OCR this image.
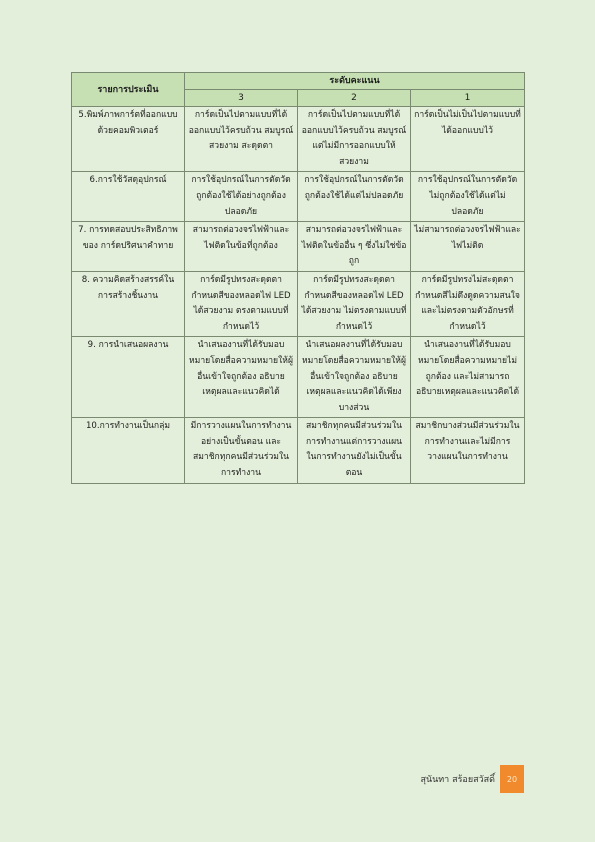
รายการประเมิน	ระดับคะแนน		
	3	2	1
5.พิมพ์ภาพการ์ตที่ออกแบบด้วยคอมพิวเตอร์	การ์ดเป็นไปตามแบบที่ได้ออกแบบไว้ครบถ้วน สมบูรณ์ สวยงาม สะดุดตา	การ์ดเป็นไปตามแบบที่ได้ออกแบบไว้ครบถ้วน สมบูรณ์ แต่ไม่มีการออกแบบให้สวยงาม	การ์ดเป็นไม่เป็นไปตามแบบที่ได้ออกแบบไว้
6.การใช้วัสดุอุปกรณ์	การใช้อุปกรณ์ในการตัดวัด ถูกต้องใช้ได้อย่างถูกต้องปลอดภัย	การใช้อุปกรณ์ในการตัดวัด ถูกต้องใช้ได้แต่ไม่ปลอดภัย	การใช้อุปกรณ์ในการตัดวัด ไม่ถูกต้องใช้ได้แต่ไม่ปลอดภัย
7. การทดสอบประสิทธิภาพของ การ์ดปริศนาคำทาย	สามารถต่อวงจรไฟฟ้าและไฟติดในข้อที่ถูกต้อง	สามารถต่อวงจรไฟฟ้าและไฟติดในข้ออื่น ๆ ซึ่งไม่ใช่ข้อถูก	ไม่สามารถต่อวงจรไฟฟ้าและไฟไม่ติด
8. ความคิดสร้างสรรค์ในการสร้างชิ้นงาน	การ์ดมีรูปทรงสะดุดตากำหนดสีของหลอดไฟ LED ได้สวยงาม ตรงตามแบบที่กำหนดไว้	การ์ดมีรูปทรงสะดุดตากำหนดสีของหลอดไฟ LED ได้สวยงาม ไม่ตรงตามแบบที่กำหนดไว้	การ์ดมีรูปทรงไม่สะดุดตากำหนดสีไม่ดึงดูดความสนใจและไม่ตรงตามตัวอักษรที่กำหนดไว้
9. การนำเสนอผลงาน	นำเสนองานที่ได้รับมอบหมายโดยสื่อความหมายให้ผู้อื่นเข้าใจถูกต้อง อธิบายเหตุผลและแนวคิดได้	นำเสนอผลงานที่ได้รับมอบหมายโดยสื่อความหมายให้ผู้อื่นเข้าใจถูกต้อง อธิบายเหตุผลและแนวคิดได้เพียงบางส่วน	นำเสนองานที่ได้รับมอบหมายโดยสื่อความหมายไม่ถูกต้อง และไม่สามารถอธิบายเหตุผลและแนวคิดได้
10.การทำงานเป็นกลุ่ม	มีการวางแผนในการทำงานอย่างเป็นขั้นตอน และสมาชิกทุกคนมีส่วนร่วมในการทำงาน	สมาชิกทุกคนมีส่วนร่วมในการทำงานแต่การวางแผนในการทำงานยังไม่เป็นขั้นตอน	สมาชิกบางส่วนมีส่วนร่วมในการทำงานและไม่มีการวางแผนในการทำงาน
สุนันทา สร้อยสวัสดิ์	20
